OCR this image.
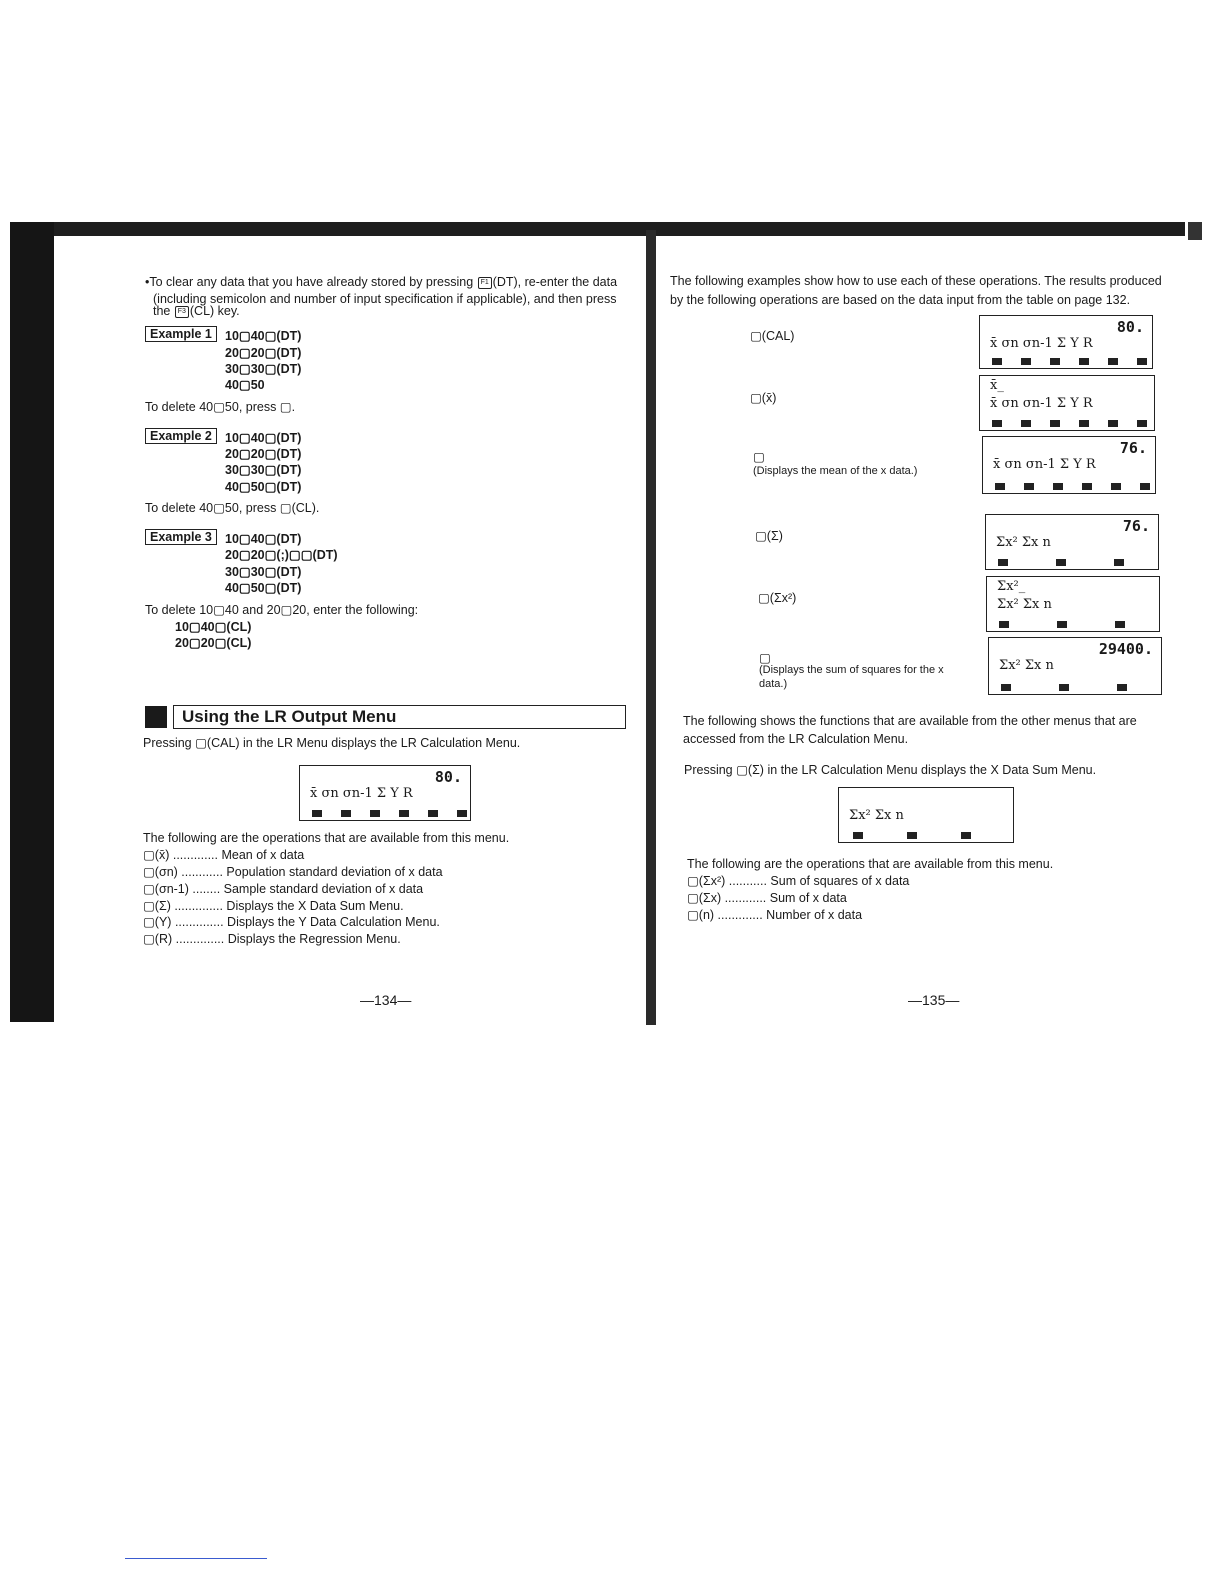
•To clear any data that you have already stored by pressing F1 (DT), re-enter the data
(including semicolon and number of input specification if applicable), and then press
the F3 (CL) key.
Example 1	10▢40▢(DT)
20▢20▢(DT)
30▢30▢(DT)
40▢50
To delete 40▢50, press ▢.
Example 2	10▢40▢(DT)
20▢20▢(DT)
30▢30▢(DT)
40▢50▢(DT)
To delete 40▢50, press ▢(CL).
Example 3	10▢40▢(DT)
20▢20▢(;)▢▢(DT)
30▢30▢(DT)
40▢50▢(DT)
To delete 10▢40 and 20▢20, enter the following:
10▢40▢(CL)
20▢20▢(CL)
Using the LR Output Menu
Pressing ▢(CAL) in the LR Menu displays the LR Calculation Menu.
80.
x̄ σn σn-1 Σ Y R
The following are the operations that are available from this menu.
▢(x̄) ............. Mean of x data
▢(σn) ............ Population standard deviation of x data
▢(σn-1) ........ Sample standard deviation of x data
▢(Σ) .............. Displays the X Data Sum Menu.
▢(Y) .............. Displays the Y Data Calculation Menu.
▢(R) .............. Displays the Regression Menu.
—134—
The following examples show how to use each of these operations. The results produced
by the following operations are based on the data input from the table on page 132.
▢(CAL)	80.
x̄ σn σn-1 Σ Y R
▢(x̄)
x̄_
x̄ σn σn-1 Σ Y R
▢
(Displays the mean of the x data.)
76.
x̄ σn σn-1 Σ Y R
▢(Σ)
76.
Σx² Σx n
▢(Σx²)
Σx²_
Σx² Σx n
▢
(Displays the sum of squares for the x data.)
29400.
Σx² Σx n
The following shows the functions that are available from the other menus that are
accessed from the LR Calculation Menu.
Pressing ▢(Σ) in the LR Calculation Menu displays the X Data Sum Menu.
Σx² Σx n
The following are the operations that are available from this menu.
▢(Σx²) ........... Sum of squares of x data
▢(Σx) ............ Sum of x data
▢(n) ............. Number of x data
—135—
